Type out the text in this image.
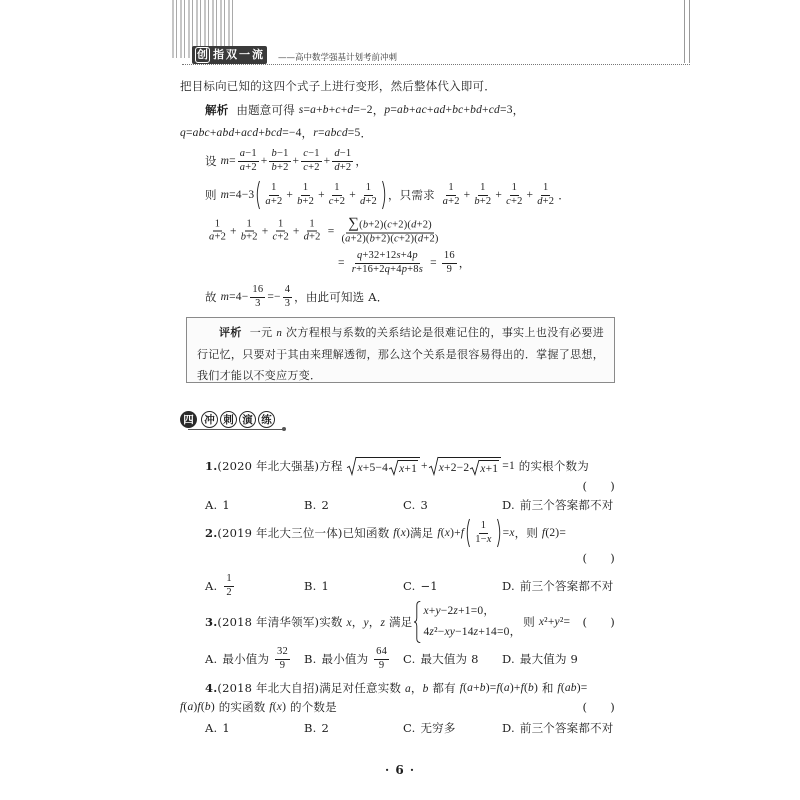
创 指 双 一 流 ——高中数学强基计划考前冲刺
把目标向已知的这四个式子上进行变形，然后整体代入即可．
解析 由题意可得 s=a+b+c+d=−2 ， p=ab+ac+ad+bc+bd+cd=3 ，
q=abc+abd+acd+bcd=−4 ， r=abcd=5 ．
设 $m= \frac{a-1}{a+2} + \frac{b-1}{b+2} + \frac{c-1}{c+2} + \frac{d-1}{d+2}$ ，
则 $m=4-3 \frac{1}{a+2} + \frac{1}{b+2} + \frac{1}{c+2} + \frac{1}{d+2}$ ，只需求 $\frac{1}{a+2} + \frac{1}{b+2} + \frac{1}{c+2} + \frac{1}{d+2}$ ．
$\frac{1}{a+2} + \frac{1}{b+2} + \frac{1}{c+2} + \frac{1}{d+2} = \frac{\sum(b+2)(c+2)(d+2)}{(a+2)(b+2)(c+2)(d+2)}$
= $\frac{q+32+12s+4p}{r+16+2q+4p+8s} = \frac{16}{9}$ ，
故 $m=4- \frac{16}{3} =- \frac{4}{3}$ ，由此可知选 A．

评析 一元 n 次方程根与系数的关系结论是很难记住的，事实上也没有必要进行记忆，只要对于其由来理解透彻，那么这个关系是很容易得出的．掌握了思想，我们才能以不变应万变．

四	冲 刺 演 练
1. (2020 年北大强基)方程 x+5−4 x+1 + x+2−2 x+1 =1 的实根个数为
(      )
A. 1	B. 2	C. 3	D. 前三个答案都不对
2. (2019 年北大三位一体)已知函数 f(x) 满足 $f(x)+f \frac{1}{1-x} =x$ ，则 f(2)=
(      )
A. $\frac{1}{2}$	B. 1	C. −1	D. 前三个答案都不对
3. (2018 年清华领军)实数 x，y，z 满足
x+y−2z+1=0，
4z²−xy−14z+14=0，
则 x²+y²= (      )
A. 最小值为 $\frac{32}{9} B$. 最小值为 $\frac{64}{9} C$. 最大值为 8 D. 最大值为 9
4. (2018 年北大自招)满足对任意实数 a，b 都有 f(a+b)=f(a)+f(b) 和 f(ab)=
f(a)f(b) 的实函数 f(x) 的个数是	(      )
A. 1	B. 2	C. 无穷多	D. 前三个答案都不对
· 6 ·
